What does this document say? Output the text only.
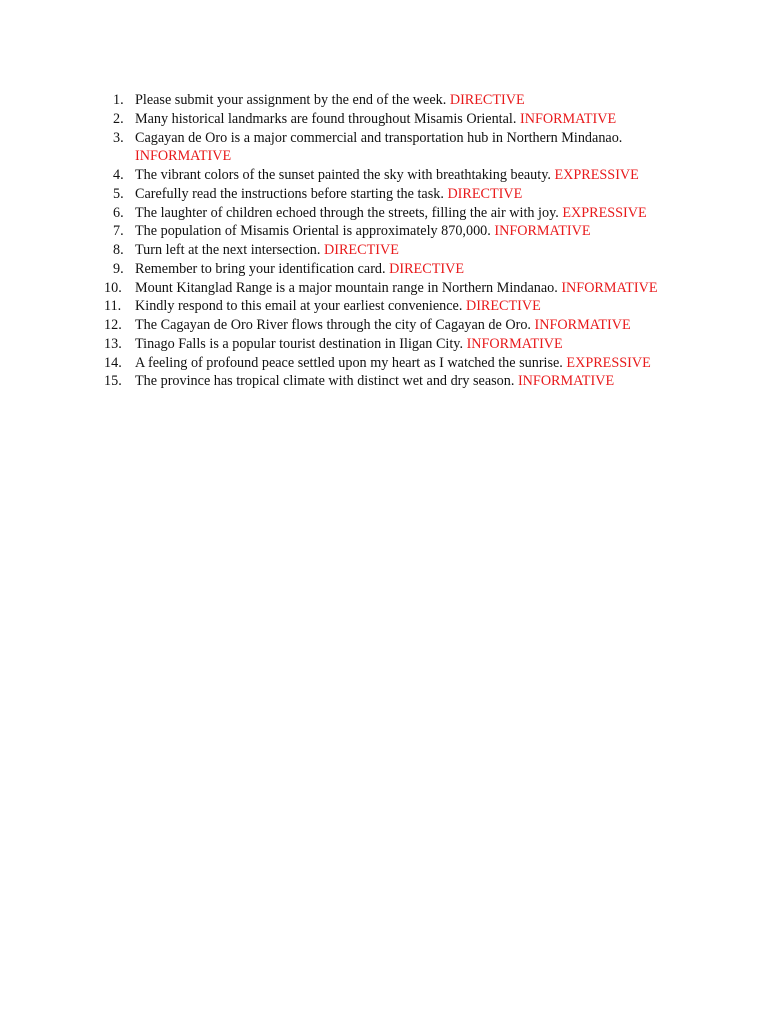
1. Please submit your assignment by the end of the week. DIRECTIVE
2. Many historical landmarks are found throughout Misamis Oriental. INFORMATIVE
3. Cagayan de Oro is a major commercial and transportation hub in Northern Mindanao.
INFORMATIVE
4. The vibrant colors of the sunset painted the sky with breathtaking beauty. EXPRESSIVE
5. Carefully read the instructions before starting the task. DIRECTIVE
6. The laughter of children echoed through the streets, filling the air with joy. EXPRESSIVE
7. The population of Misamis Oriental is approximately 870,000. INFORMATIVE
8. Turn left at the next intersection. DIRECTIVE
9. Remember to bring your identification card. DIRECTIVE
10. Mount Kitanglad Range is a major mountain range in Northern Mindanao. INFORMATIVE
11. Kindly respond to this email at your earliest convenience. DIRECTIVE
12. The Cagayan de Oro River flows through the city of Cagayan de Oro. INFORMATIVE
13. Tinago Falls is a popular tourist destination in Iligan City. INFORMATIVE
14. A feeling of profound peace settled upon my heart as I watched the sunrise. EXPRESSIVE
15. The province has tropical climate with distinct wet and dry season. INFORMATIVE
